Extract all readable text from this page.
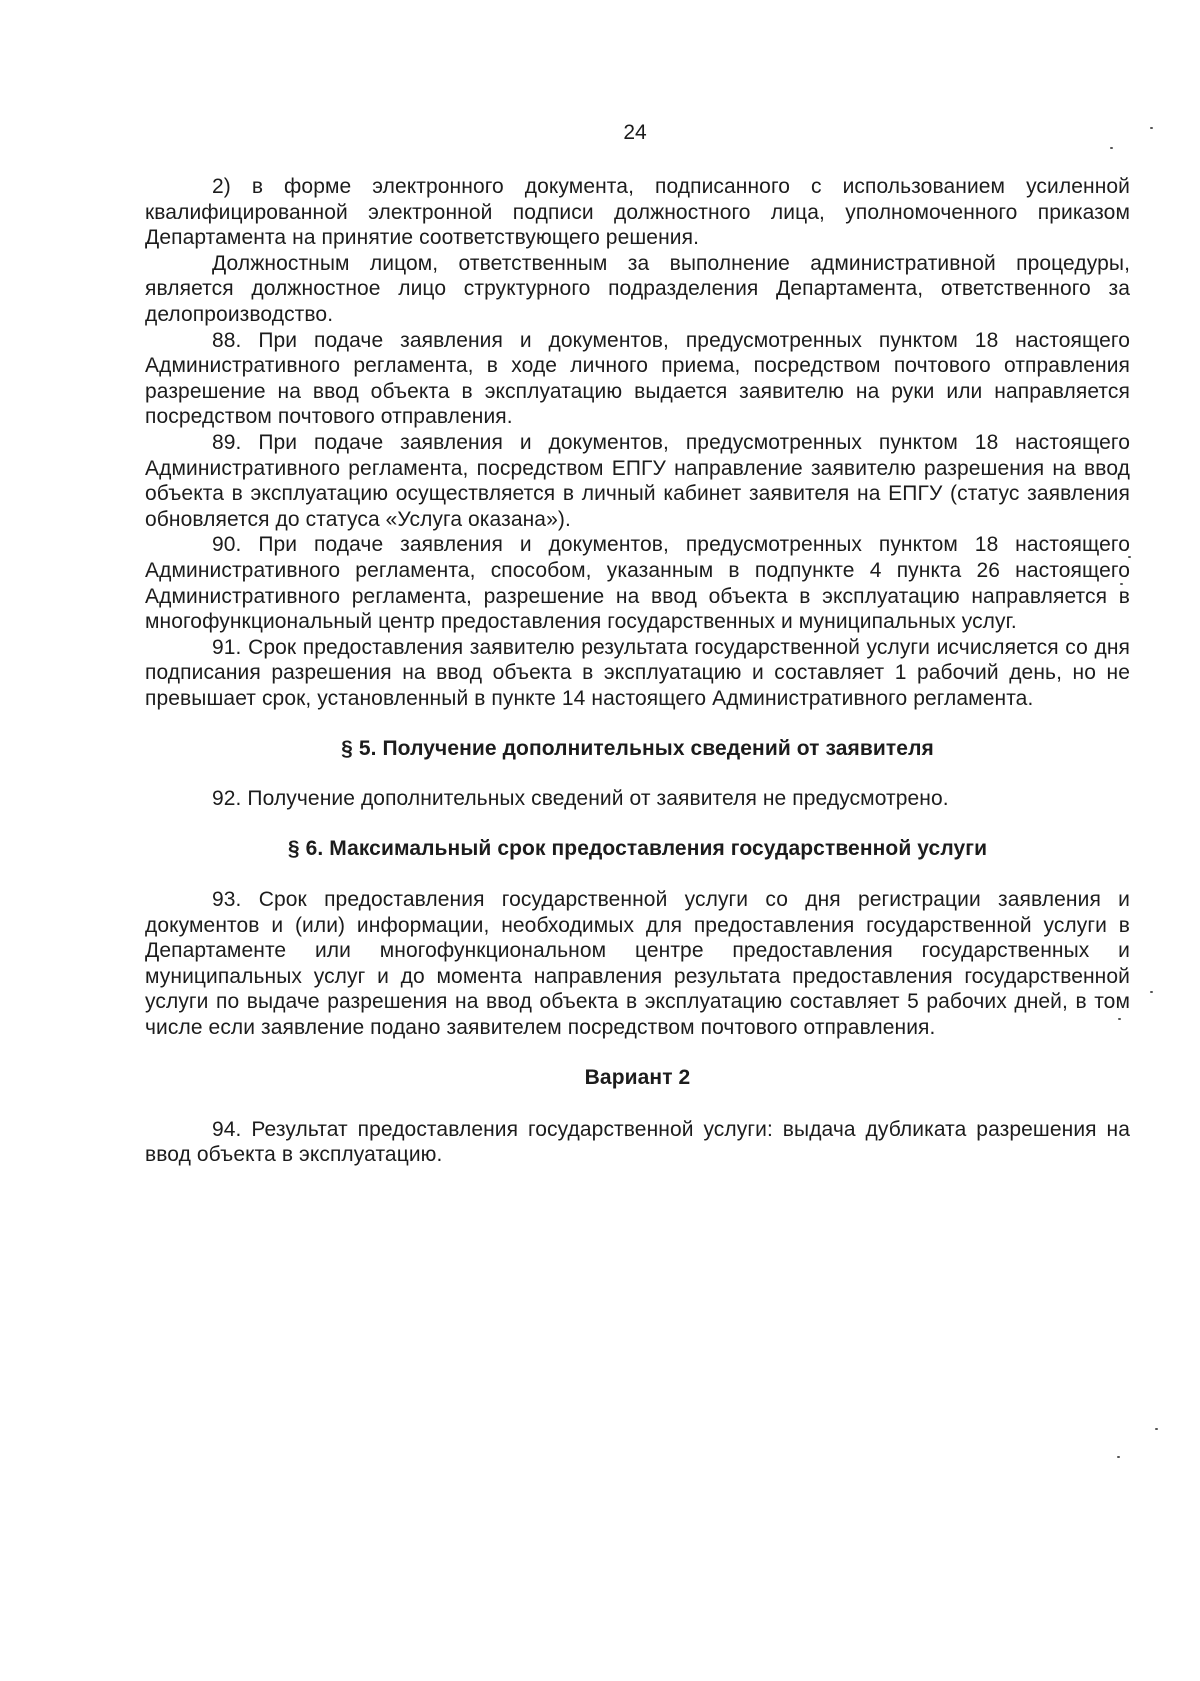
24

2) в форме электронного документа, подписанного с использованием усиленной квалифицированной электронной подписи должностного лица, уполномоченного приказом Департамента на принятие соответствующего решения.

Должностным лицом, ответственным за выполнение административной процедуры, является должностное лицо структурного подразделения Департамента, ответственного за делопроизводство.

88. При подаче заявления и документов, предусмотренных пунктом 18 настоящего Административного регламента, в ходе личного приема, посредством почтового отправления разрешение на ввод объекта в эксплуатацию выдается заявителю на руки или направляется посредством почтового отправления.

89. При подаче заявления и документов, предусмотренных пунктом 18 настоящего Административного регламента, посредством ЕПГУ направление заявителю разрешения на ввод объекта в эксплуатацию осуществляется в личный кабинет заявителя на ЕПГУ (статус заявления обновляется до статуса «Услуга оказана»).

90. При подаче заявления и документов, предусмотренных пунктом 18 настоящего Административного регламента, способом, указанным в подпункте 4 пункта 26 настоящего Административного регламента, разрешение на ввод объекта в эксплуатацию направляется в многофункциональный центр предоставления государственных и муниципальных услуг.

91. Срок предоставления заявителю результата государственной услуги исчисляется со дня подписания разрешения на ввод объекта в эксплуатацию и составляет 1 рабочий день, но не превышает срок, установленный в пункте 14 настоящего Административного регламента.

§ 5. Получение дополнительных сведений от заявителя

92. Получение дополнительных сведений от заявителя не предусмотрено.

§ 6. Максимальный срок предоставления государственной услуги

93. Срок предоставления государственной услуги со дня регистрации заявления и документов и (или) информации, необходимых для предоставления государственной услуги в Департаменте или многофункциональном центре предоставления государственных и муниципальных услуг и до момента направления результата предоставления государственной услуги по выдаче разрешения на ввод объекта в эксплуатацию составляет 5 рабочих дней, в том числе если заявление подано заявителем посредством почтового отправления.

Вариант 2

94. Результат предоставления государственной услуги: выдача дубликата разрешения на ввод объекта в эксплуатацию.
